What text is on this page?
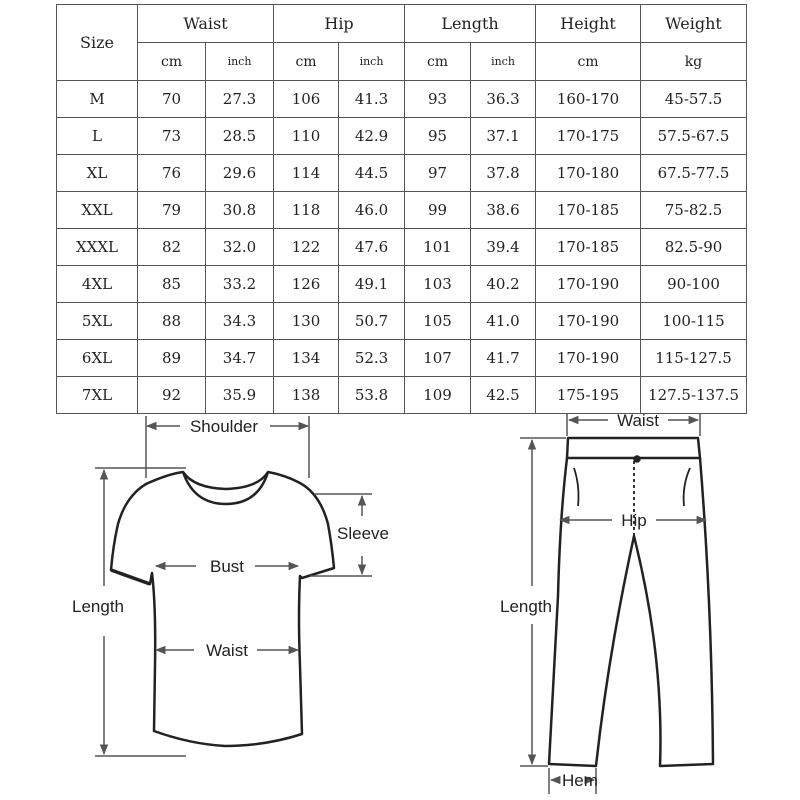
Size	Waist		Hip		Length		Height	Weight
	cm	inch	cm	inch	cm	inch	cm	kg
M	70	27.3	106	41.3	93	36.3	160-170	45-57.5
L	73	28.5	110	42.9	95	37.1	170-175	57.5-67.5
XL	76	29.6	114	44.5	97	37.8	170-180	67.5-77.5
XXL	79	30.8	118	46.0	99	38.6	170-185	75-82.5
XXXL	82	32.0	122	47.6	101	39.4	170-185	82.5-90
4XL	85	33.2	126	49.1	103	40.2	170-190	90-100
5XL	88	34.3	130	50.7	105	41.0	170-190	100-115
6XL	89	34.7	134	52.3	107	41.7	170-190	115-127.5
7XL	92	35.9	138	53.8	109	42.5	175-195	127.5-137.5
Shoulder
Sleeve
Bust
Length
Waist
Waist
Hip
Length
Hem
